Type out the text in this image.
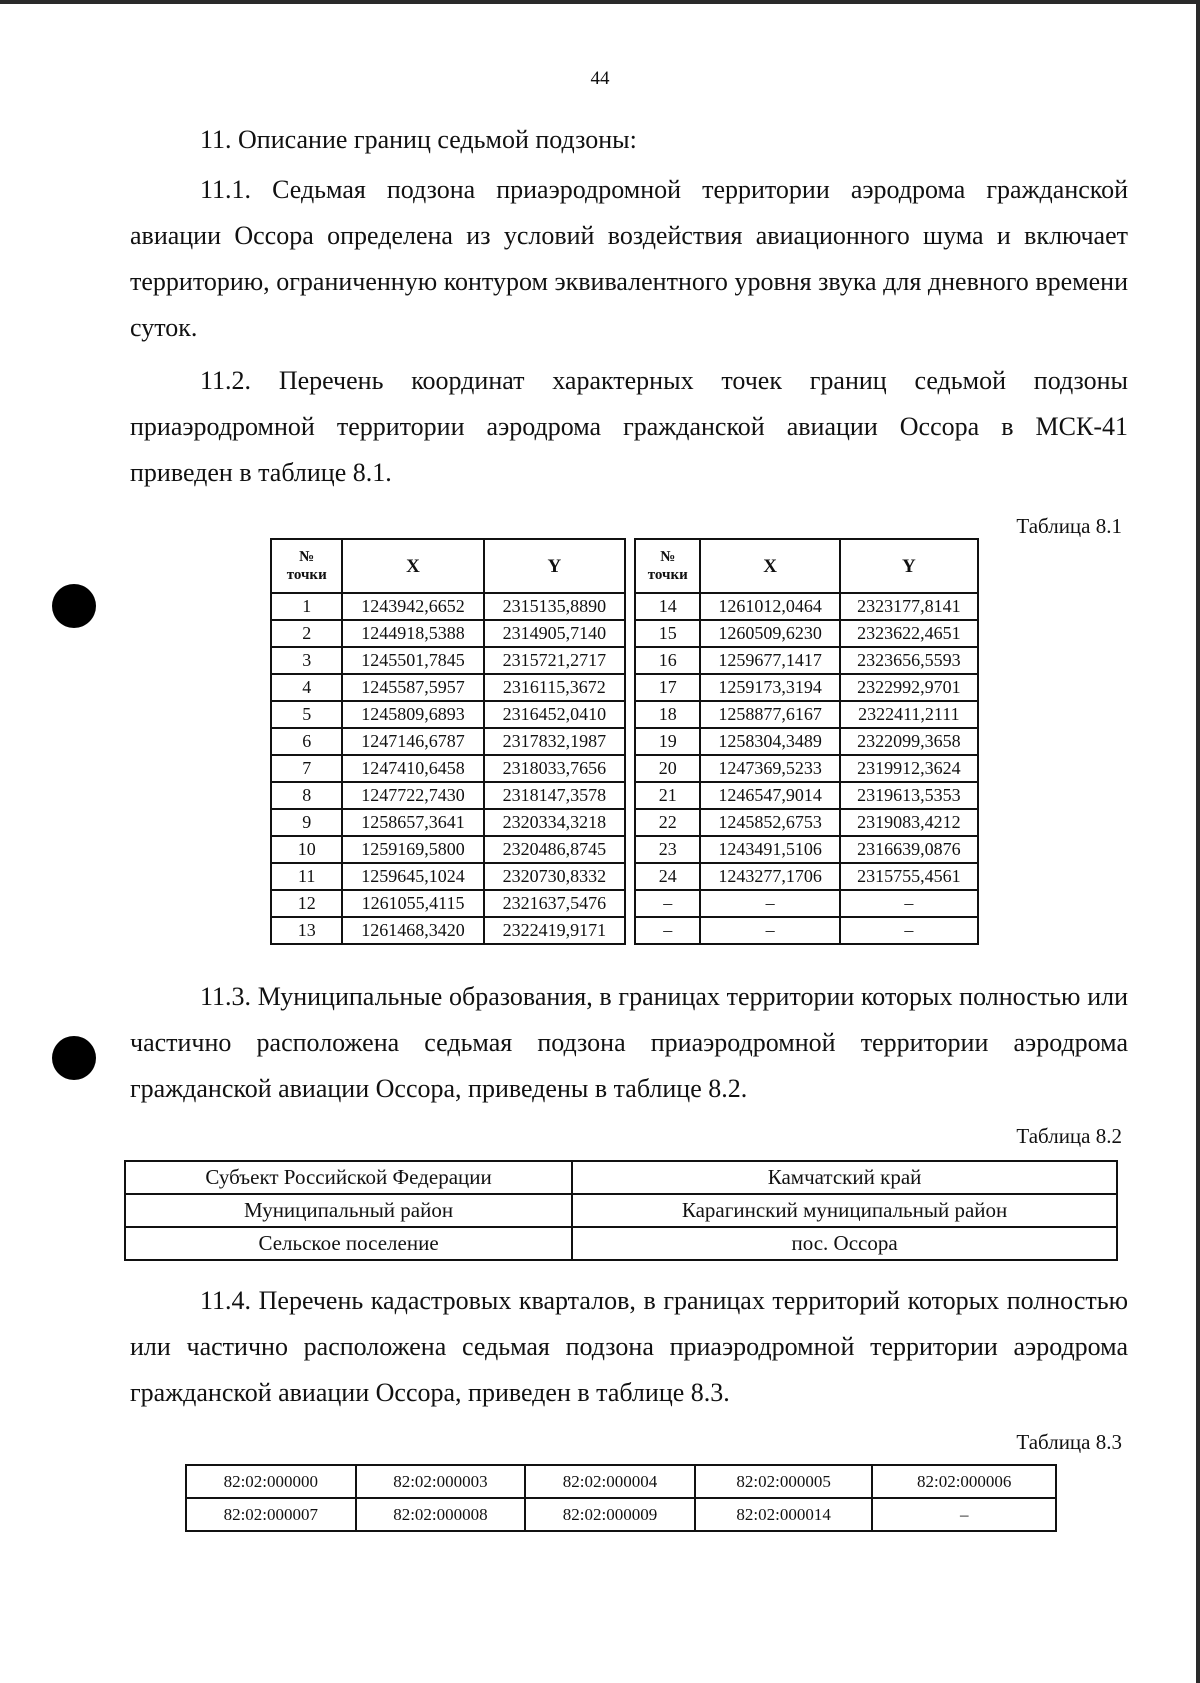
44

11. Описание границ седьмой подзоны:

11.1. Седьмая подзона приаэродромной территории аэродрома гражданской авиации Оссора определена из условий воздействия авиационного шума и включает территорию, ограниченную контуром эквивалентного уровня звука для дневного времени суток.

11.2. Перечень координат характерных точек границ седьмой подзоны приаэродромной территории аэродрома гражданской авиации Оссора в МСК-41 приведен в таблице 8.1.

Таблица 8.1
№
точки	X	Y
1	1243942,6652	2315135,8890
2	1244918,5388	2314905,7140
3	1245501,7845	2315721,2717
4	1245587,5957	2316115,3672
5	1245809,6893	2316452,0410
6	1247146,6787	2317832,1987
7	1247410,6458	2318033,7656
8	1247722,7430	2318147,3578
9	1258657,3641	2320334,3218
10	1259169,5800	2320486,8745
11	1259645,1024	2320730,8332
12	1261055,4115	2321637,5476
13	1261468,3420	2322419,9171
№
точки	X	Y
14	1261012,0464	2323177,8141
15	1260509,6230	2323622,4651
16	1259677,1417	2323656,5593
17	1259173,3194	2322992,9701
18	1258877,6167	2322411,2111
19	1258304,3489	2322099,3658
20	1247369,5233	2319912,3624
21	1246547,9014	2319613,5353
22	1245852,6753	2319083,4212
23	1243491,5106	2316639,0876
24	1243277,1706	2315755,4561
–	–	–
–	–	–

11.3. Муниципальные образования, в границах территории которых полностью или частично расположена седьмая подзона приаэродромной территории аэродрома гражданской авиации Оссора, приведены в таблице 8.2.

Таблица 8.2
Субъект Российской Федерации	Камчатский край
Муниципальный район	Карагинский муниципальный район
Сельское поселение	пос. Оссора

11.4. Перечень кадастровых кварталов, в границах территорий которых полностью или частично расположена седьмая подзона приаэродромной территории аэродрома гражданской авиации Оссора, приведен в таблице 8.3.

Таблица 8.3
82:02:000000	82:02:000003	82:02:000004	82:02:000005	82:02:000006
82:02:000007	82:02:000008	82:02:000009	82:02:000014	–
